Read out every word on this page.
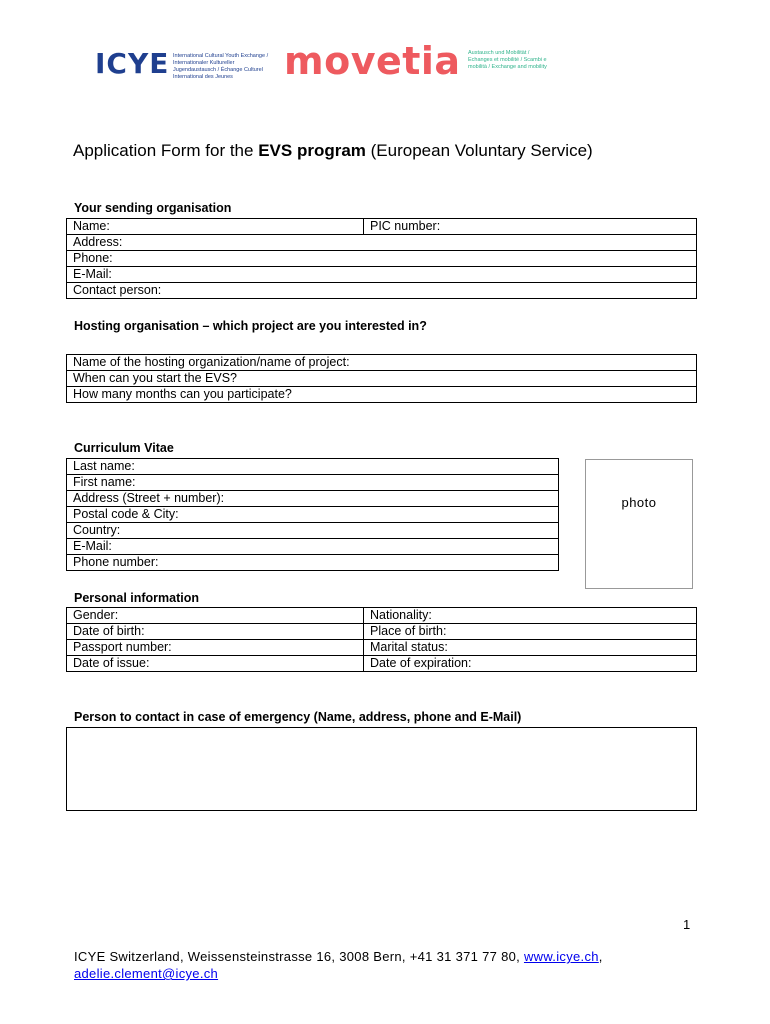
ICYE International Cultural Youth Exchange / Internationaler Kultureller Jugendaustausch / Échange Culturel International des Jeunes	movetia Austausch und Mobilität / Echanges et mobilité / Scambi e mobilità / Exchange and mobility
Application Form for the EVS program (European Voluntary Service)
Your sending organisation
Name:	PIC number:
Address:
Phone:
E-Mail:
Contact person:
Hosting organisation – which project are you interested in?
Name of the hosting organization/name of project:
When can you start the EVS?
How many months can you participate?
Curriculum Vitae
Last name:
First name:
Address (Street + number):
Postal code & City:
Country:
E-Mail:
Phone number:
photo
Personal information
Gender:	Nationality:
Date of birth:	Place of birth:
Passport number:	Marital status:
Date of issue:	Date of expiration:
Person to contact in case of emergency (Name, address, phone and E-Mail)
1
ICYE Switzerland, Weissensteinstrasse 16, 3008 Bern, +41 31 371 77 80, www.icye.ch,
adelie.clement@icye.ch
